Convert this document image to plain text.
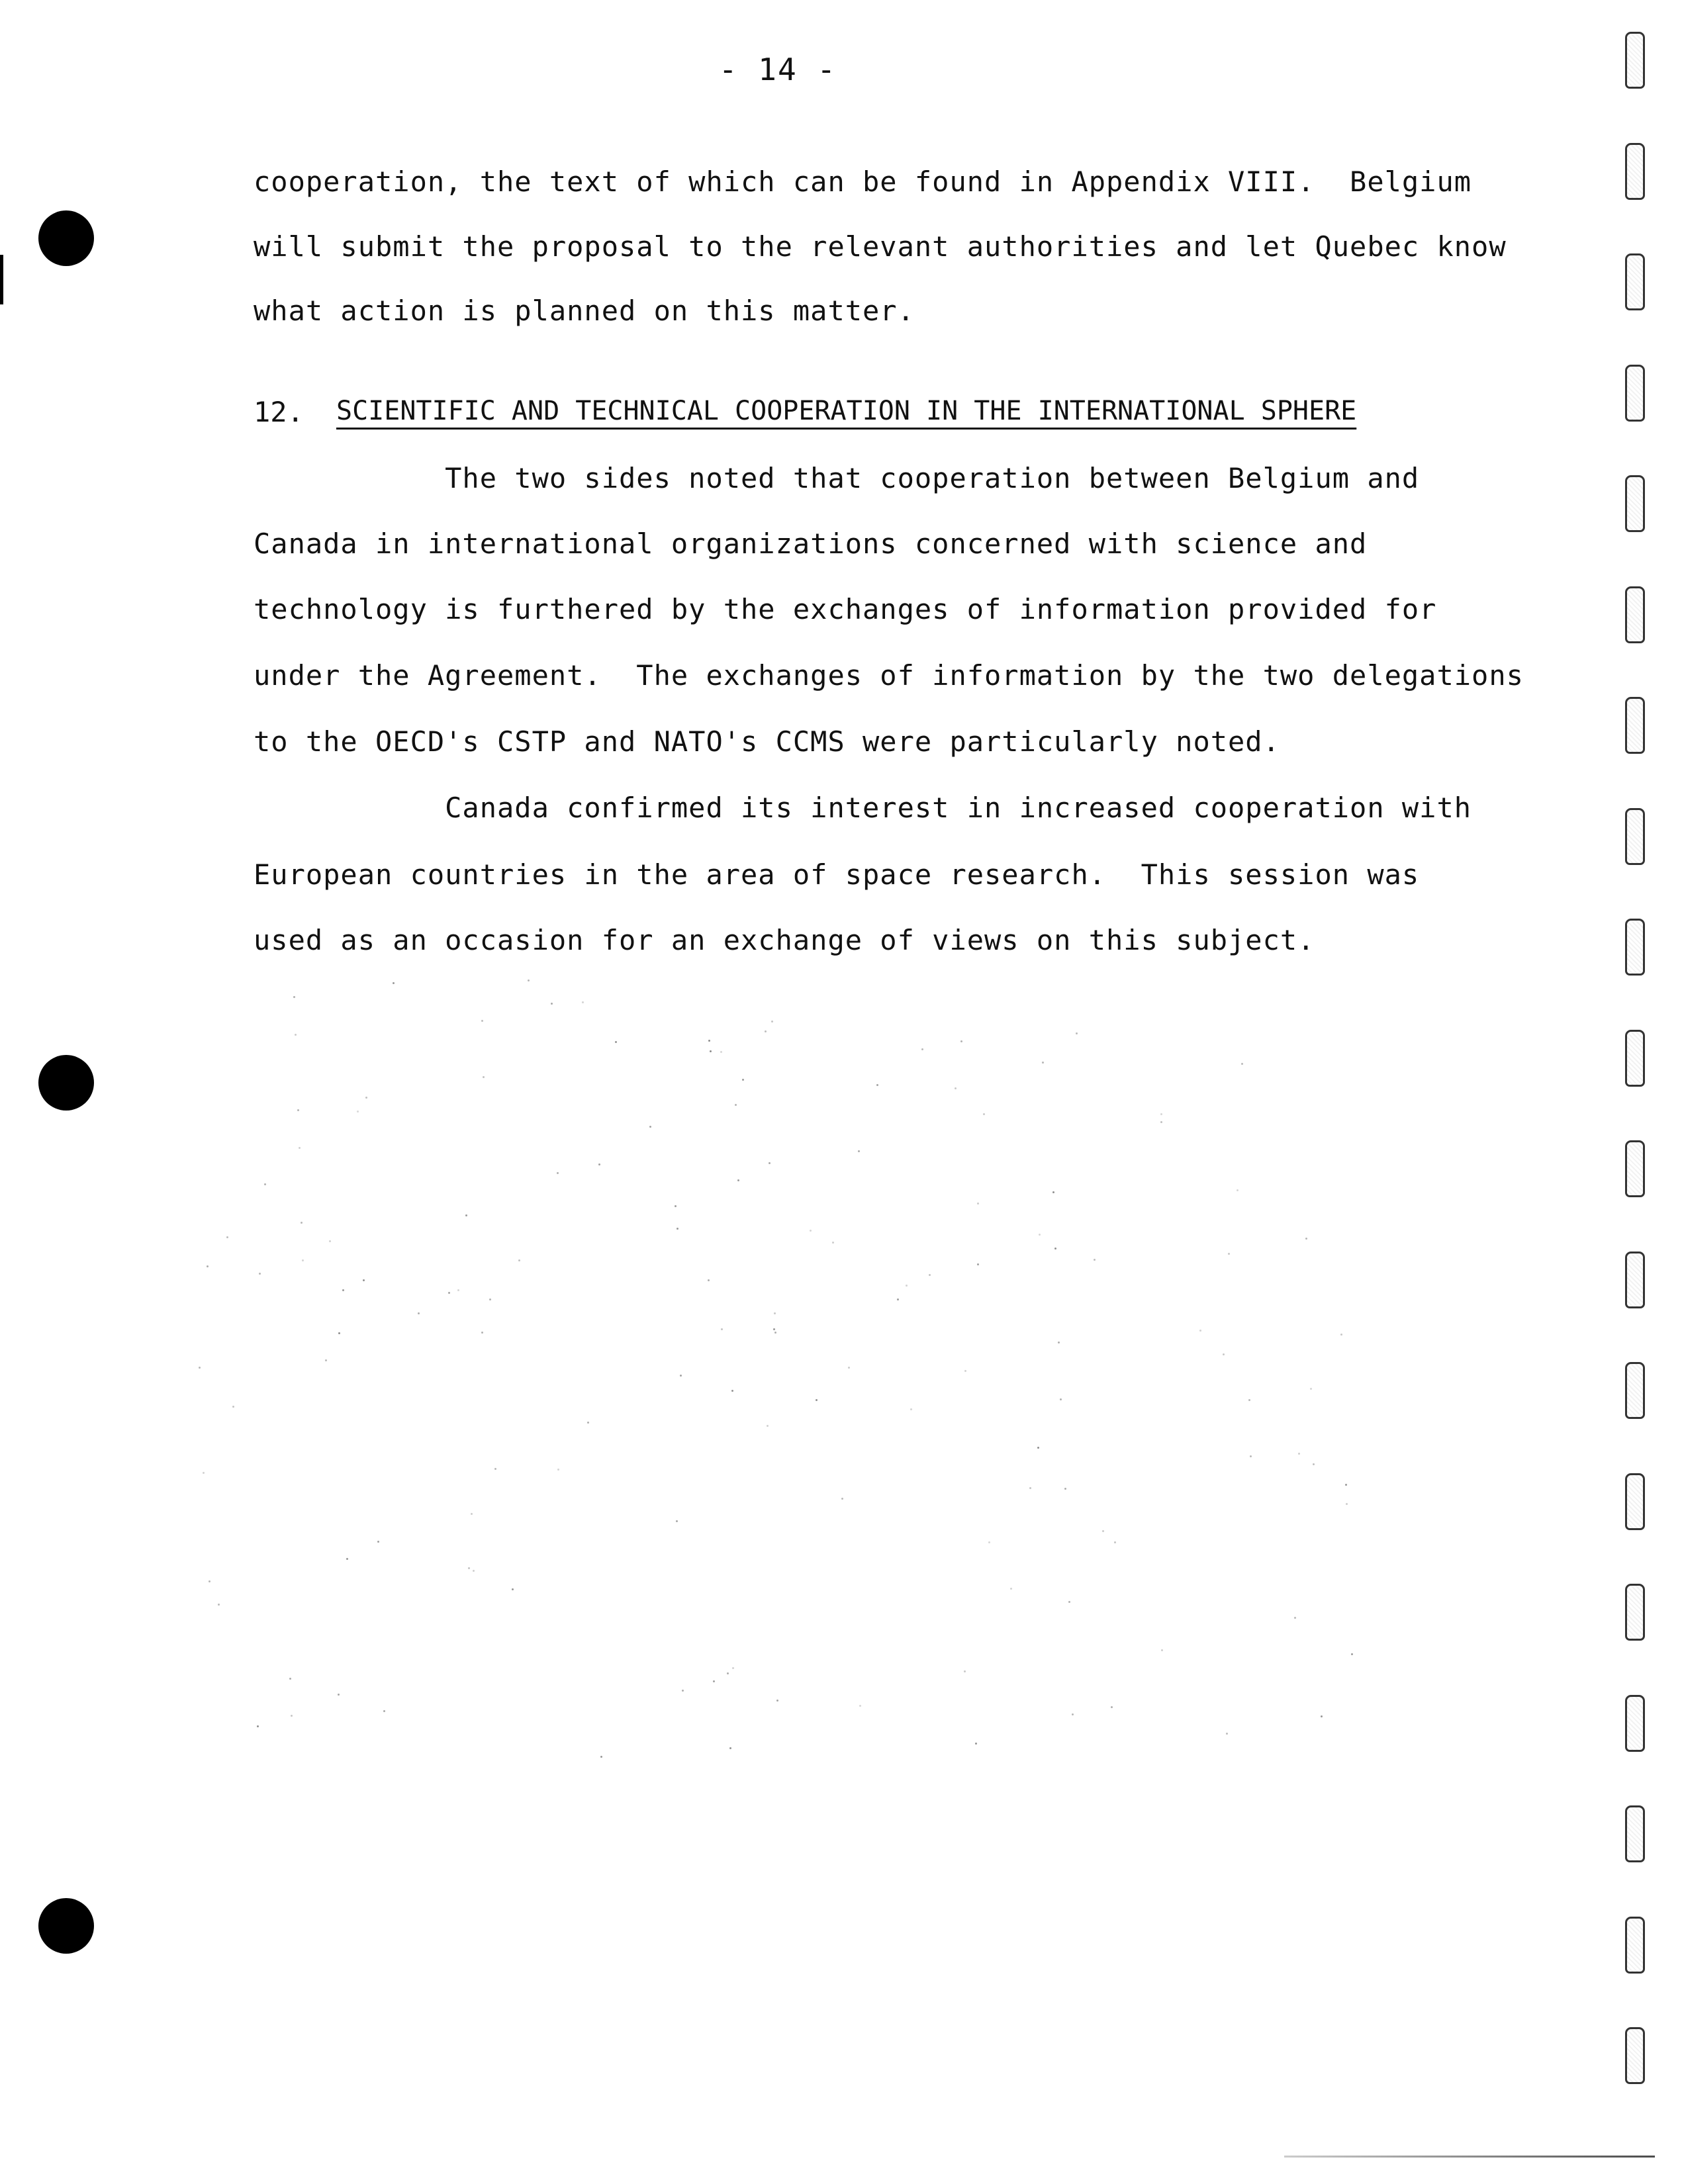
- 14 -
cooperation, the text of which can be found in Appendix VIII.  Belgium
will submit the proposal to the relevant authorities and let Quebec know
what action is planned on this matter.
12. SCIENTIFIC AND TECHNICAL COOPERATION IN THE INTERNATIONAL SPHERE
The two sides noted that cooperation between Belgium and
Canada in international organizations concerned with science and
technology is furthered by the exchanges of information provided for
under the Agreement.  The exchanges of information by the two delegations
to the OECD's CSTP and NATO's CCMS were particularly noted.
Canada confirmed its interest in increased cooperation with
European countries in the area of space research.  This session was
used as an occasion for an exchange of views on this subject.
